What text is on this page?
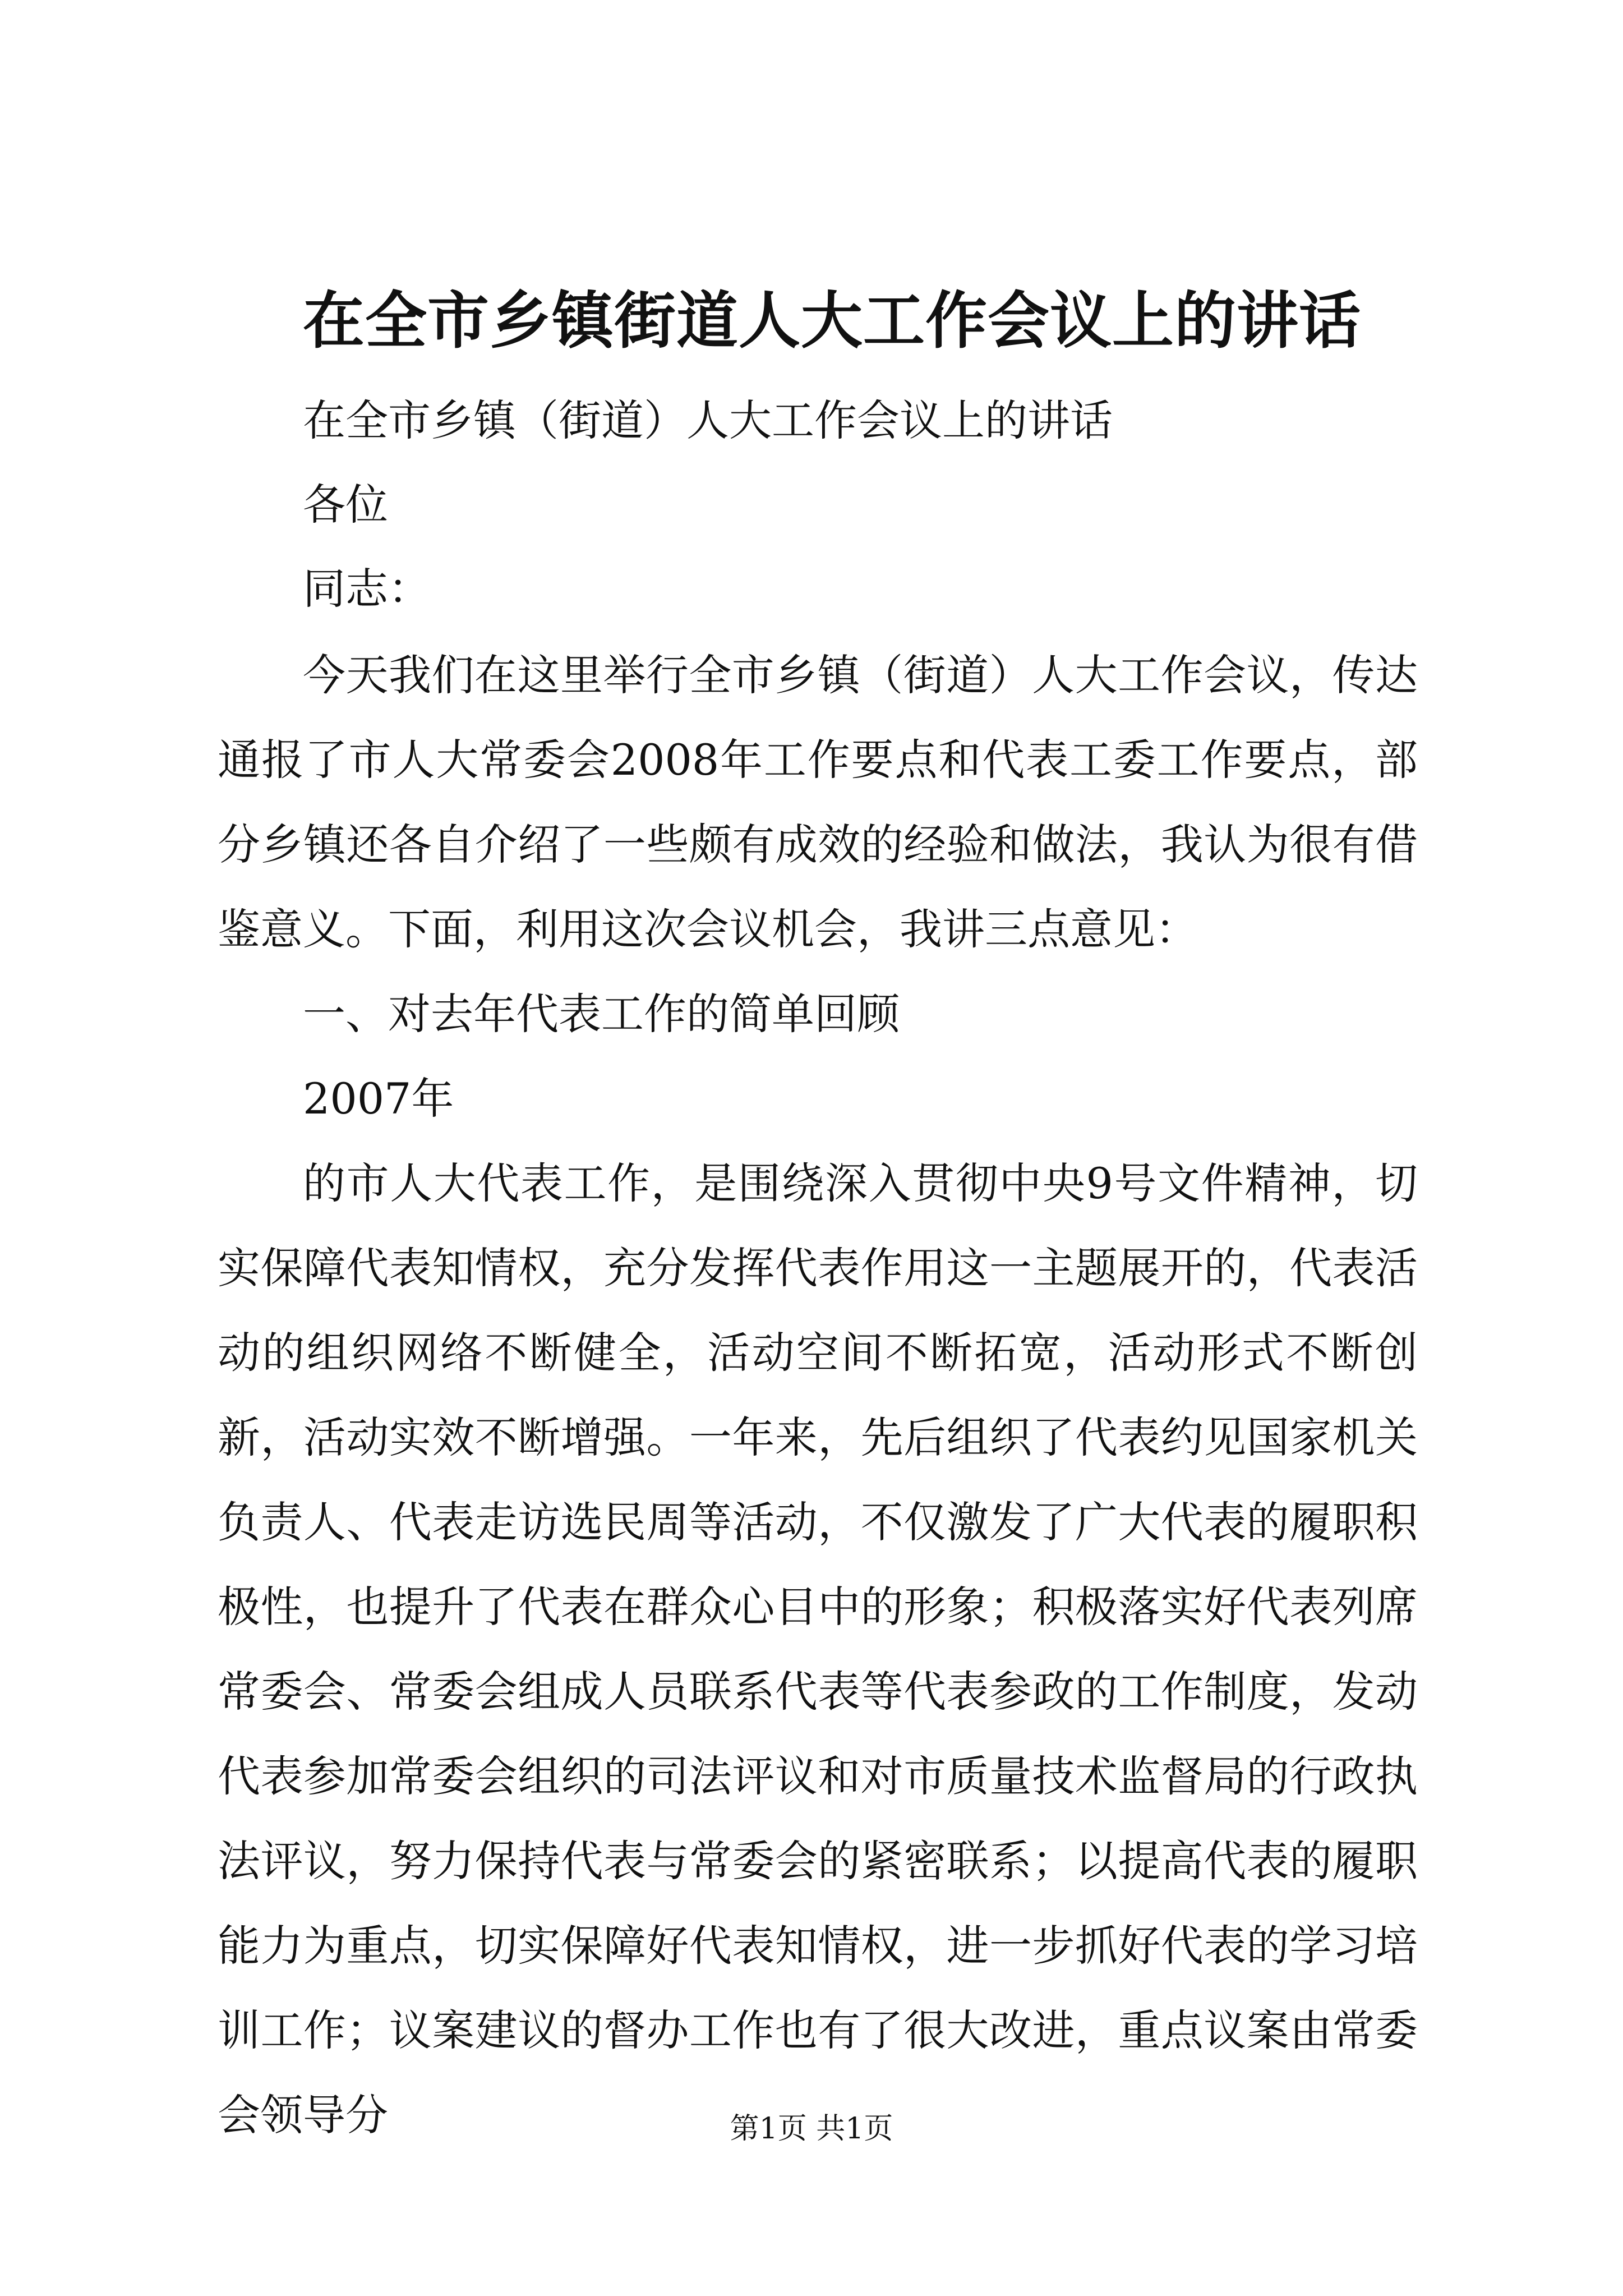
在全市乡镇街道人大工作会议上的讲话
在全市乡镇（街道）人大工作会议上的讲话
各位
同志：

今天我们在这里举行全市乡镇（街道）人大工作会议，传达通报了市人大常委会2008年工作要点和代表工委工作要点，部分乡镇还各自介绍了一些颇有成效的经验和做法，我认为很有借鉴意义。下面，利用这次会议机会，我讲三点意见：

一、对去年代表工作的简单回顾

2007年

的市人大代表工作，是围绕深入贯彻中央9号文件精神，切实保障代表知情权，充分发挥代表作用这一主题展开的，代表活动的组织网络不断健全，活动空间不断拓宽，活动形式不断创新，活动实效不断增强。一年来，先后组织了代表约见国家机关负责人、代表走访选民周等活动，不仅激发了广大代表的履职积极性，也提升了代表在群众心目中的形象；积极落实好代表列席常委会、常委会组成人员联系代表等代表参政的工作制度，发动代表参加常委会组织的司法评议和对市质量技术监督局的行政执法评议，努力保持代表与常委会的紧密联系；以提高代表的履职能力为重点，切实保障好代表知情权，进一步抓好代表的学习培训工作；议案建议的督办工作也有了很大改进，重点议案由常委会领导分	第1页 共1页
